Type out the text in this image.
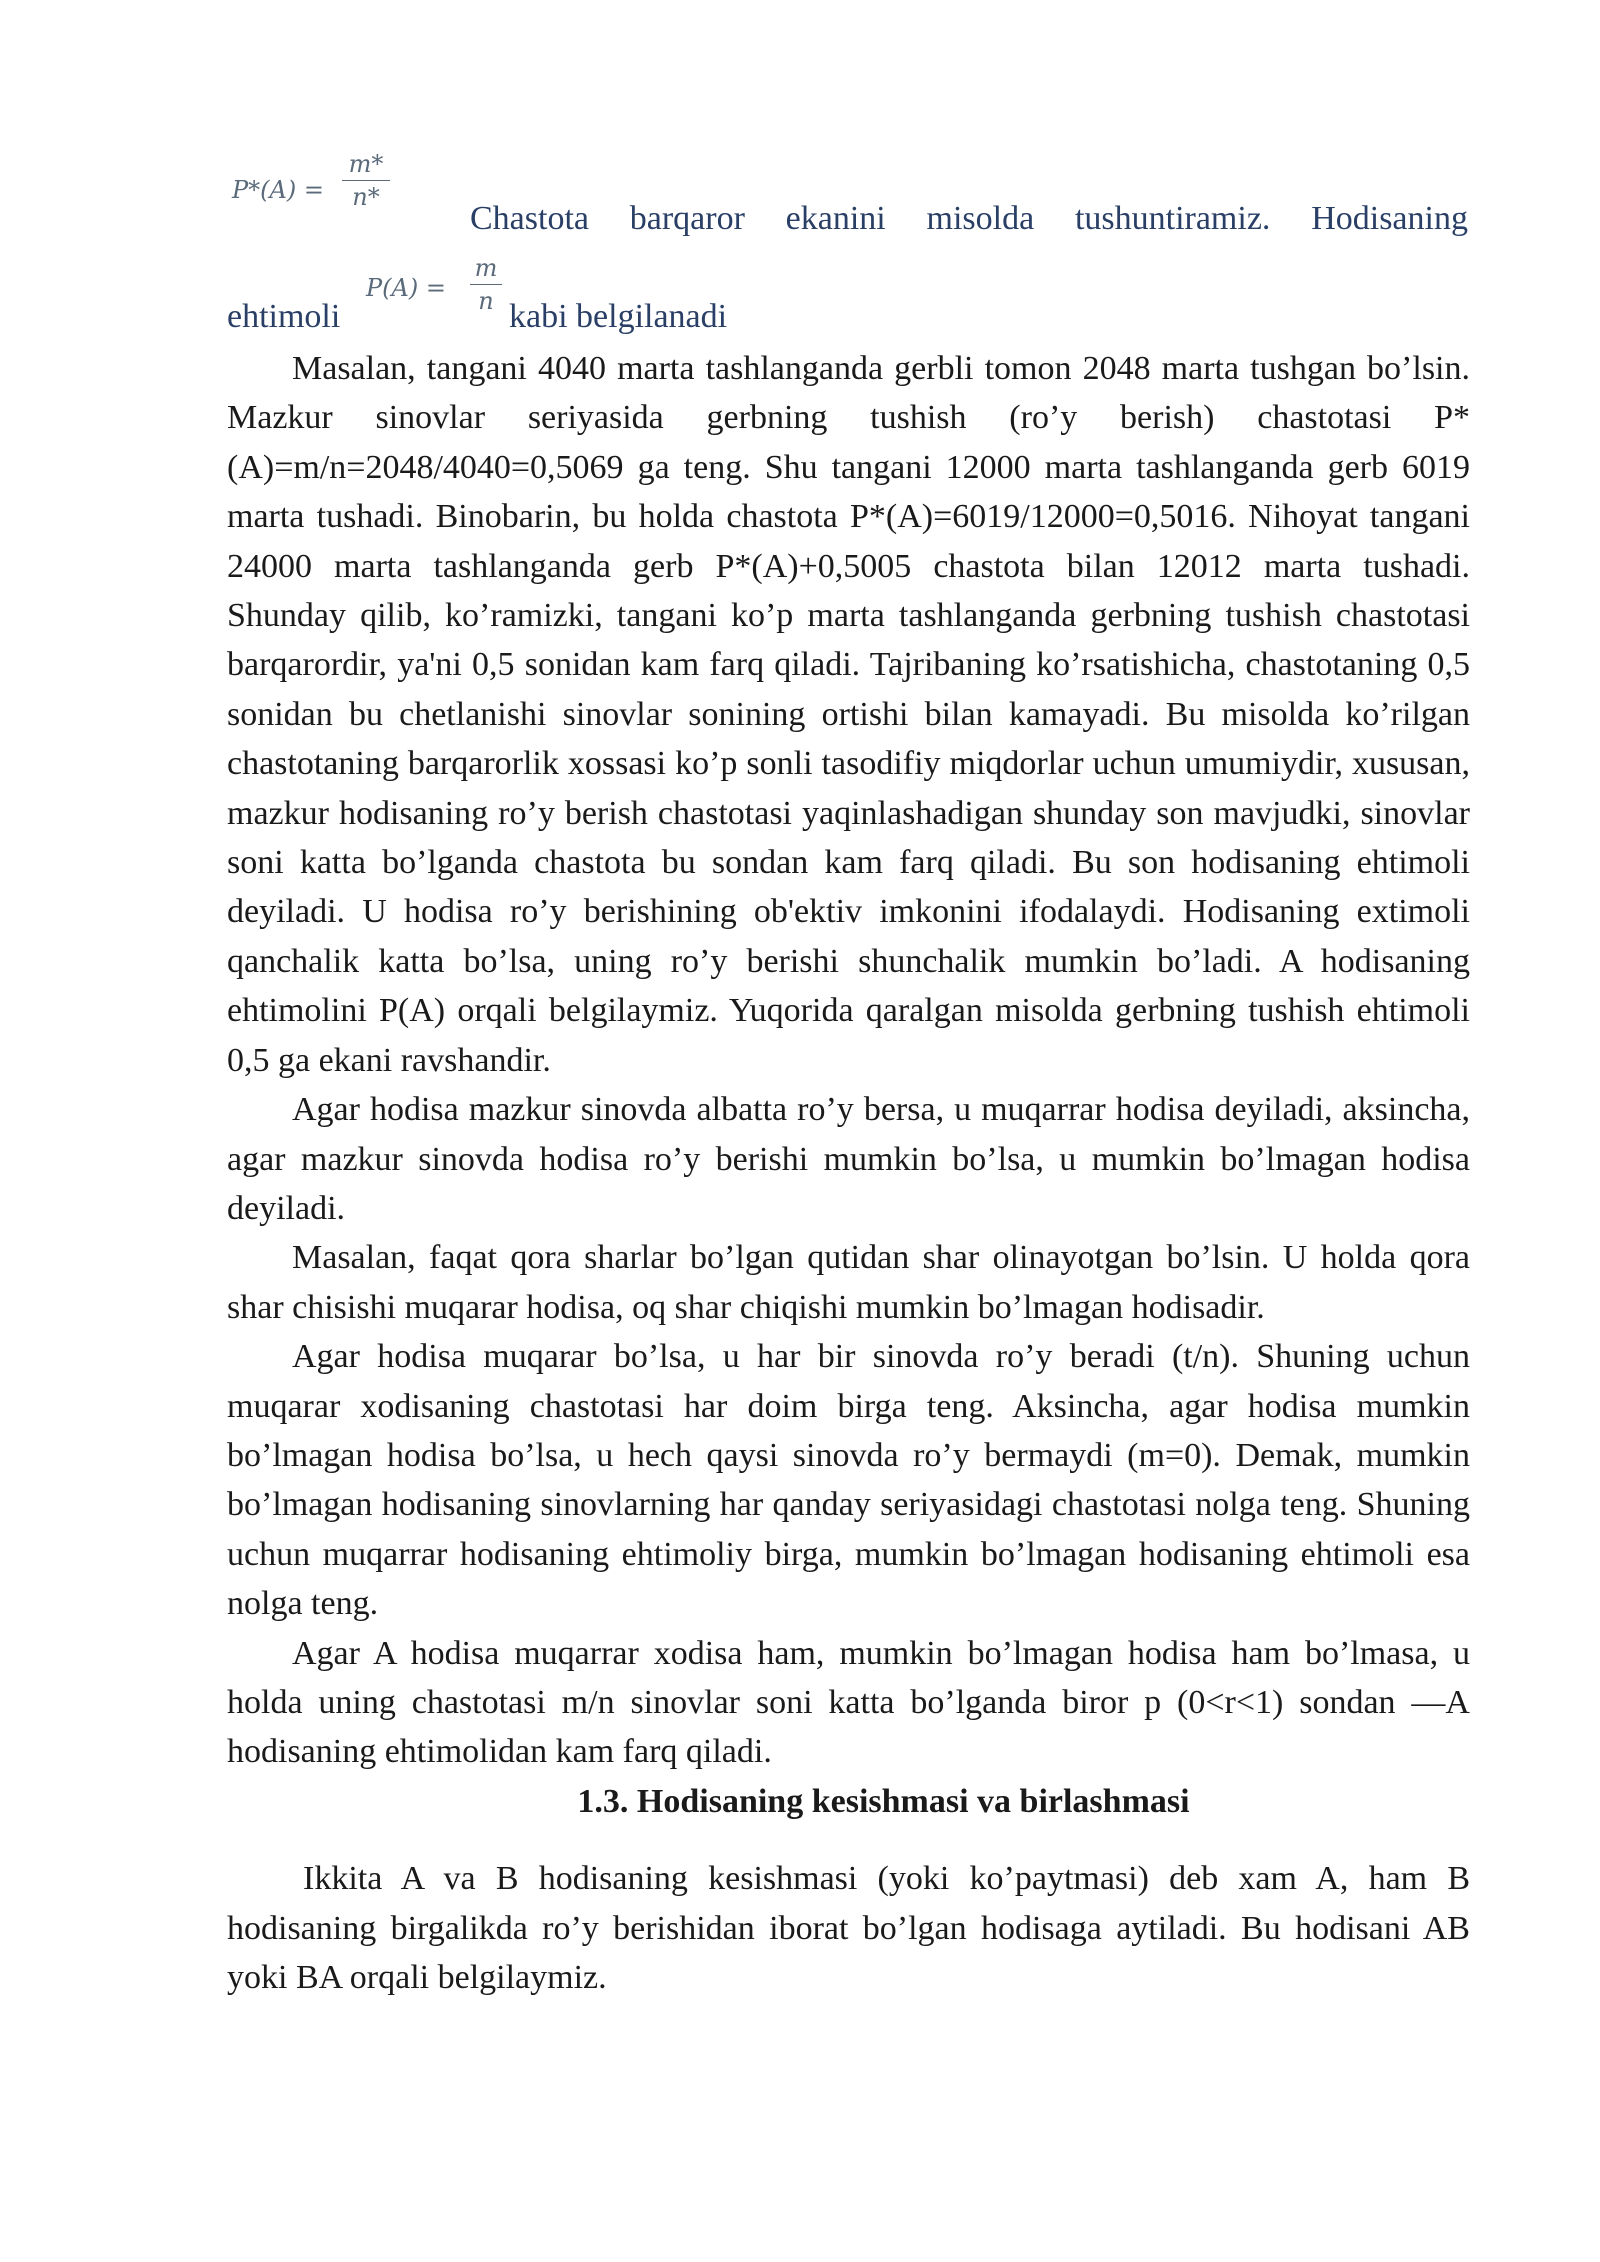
P*(A) =
m*
n*
Chastota barqaror ekanini misolda tushuntiramiz. Hodisaning
P(A) =
m
n
ehtimoli	kabi belgilanadi

Masalan, tangani 4040 marta tashlanganda gerbli tomon 2048 marta tushgan bo’lsin. Mazkur sinovlar seriyasida gerbning tushish (ro’y berish) chastotasi P*(A)=m/n=2048/4040=0,5069 ga teng. Shu tangani 12000 marta tashlanganda gerb 6019 marta tushadi. Binobarin, bu holda chastota P*(A)=6019/12000=0,5016. Nihoyat tangani 24000 marta tashlanganda gerb P*(A)+0,5005 chastota bilan 12012 marta tushadi. Shunday qilib, ko’ramizki, tangani ko’p marta tashlanganda gerbning tushish chastotasi barqarordir, ya'ni 0,5 sonidan kam farq qiladi. Tajribaning ko’rsatishicha, chastotaning 0,5 sonidan bu chetlanishi sinovlar sonining ortishi bilan kamayadi. Bu misolda ko’rilgan chastotaning barqarorlik xossasi ko’p sonli tasodifiy miqdorlar uchun umumiydir, xususan, mazkur hodisaning ro’y berish chastotasi yaqinlashadigan shunday son mavjudki, sinovlar soni katta bo’lganda chastota bu sondan kam farq qiladi. Bu son hodisaning ehtimoli deyiladi. U hodisa ro’y berishining ob'ektiv imkonini ifodalaydi. Hodisaning extimoli qanchalik katta bo’lsa, uning ro’y berishi shunchalik mumkin bo’ladi. A hodisaning ehtimolini P(A) orqali belgilaymiz. Yuqorida qaralgan misolda gerbning tushish ehtimoli 0,5 ga ekani ravshandir.

Agar hodisa mazkur sinovda albatta ro’y bersa, u muqarrar hodisa deyiladi, aksincha, agar mazkur sinovda hodisa ro’y berishi mumkin bo’lsa, u mumkin bo’lmagan hodisa deyiladi.

Masalan, faqat qora sharlar bo’lgan qutidan shar olinayotgan bo’lsin. U holda qora shar chisishi muqarar hodisa, oq shar chiqishi mumkin bo’lmagan hodisadir.

Agar hodisa muqarar bo’lsa, u har bir sinovda ro’y beradi (t/n). Shuning uchun muqarar xodisaning chastotasi har doim birga teng. Aksincha, agar hodisa mumkin bo’lmagan hodisa bo’lsa, u hech qaysi sinovda ro’y bermaydi (m=0). Demak, mumkin bo’lmagan hodisaning sinovlarning har qanday seriyasidagi chastotasi nolga teng. Shuning uchun muqarrar hodisaning ehtimoliy birga, mumkin bo’lmagan hodisaning ehtimoli esa nolga teng.

Agar A hodisa muqarrar xodisa ham, mumkin bo’lmagan hodisa ham bo’lmasa, u holda uning chastotasi m/n sinovlar soni katta bo’lganda biror p (0<r<1) sondan —A hodisaning ehtimolidan kam farq qiladi.

1.3. Hodisaning kesishmasi va birlashmasi

Ikkita A va B hodisaning kesishmasi (yoki ko’paytmasi) deb xam A, ham B hodisaning birgalikda ro’y berishidan iborat bo’lgan hodisaga aytiladi. Bu hodisani AB yoki BA orqali belgilaymiz.
